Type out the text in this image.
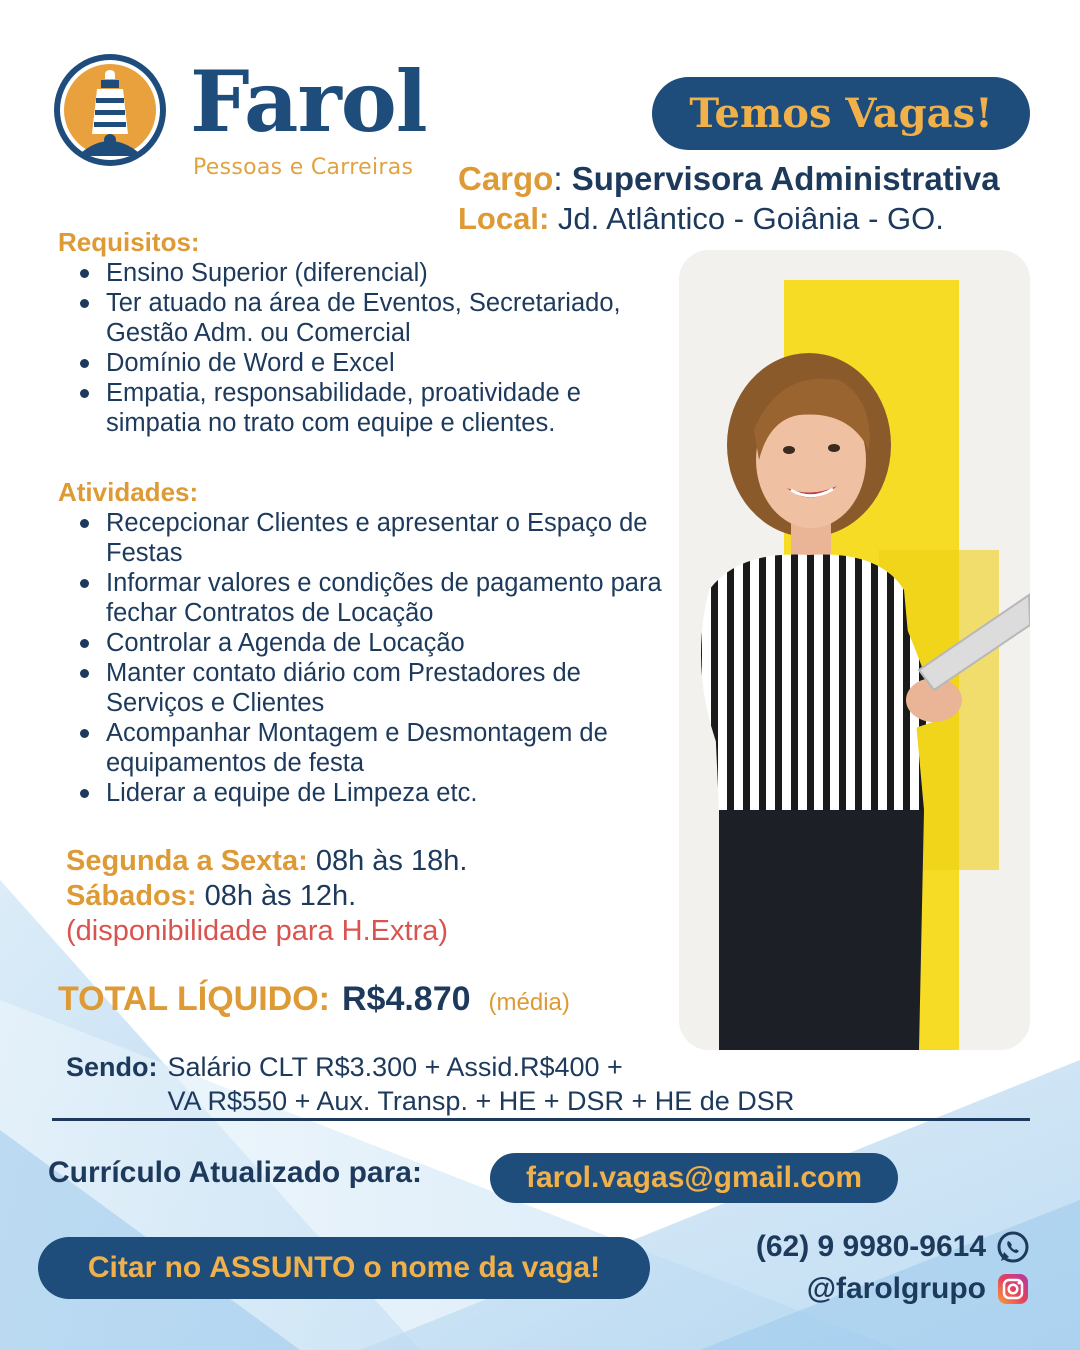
Farol
Pessoas e Carreiras
Temos Vagas!
Cargo: Supervisora Administrativa
Local: Jd. Atlântico - Goiânia - GO.
Requisitos:
Ensino Superior (diferencial)
Ter atuado na área de Eventos, Secretariado, Gestão Adm. ou Comercial
Domínio de Word e Excel
Empatia, responsabilidade, proatividade e simpatia no trato com equipe e clientes.
Atividades:
Recepcionar Clientes e apresentar o Espaço de Festas
Informar valores e condições de pagamento para fechar Contratos de Locação
Controlar a Agenda de Locação
Manter contato diário com Prestadores de Serviços e Clientes
Acompanhar Montagem e Desmontagem de equipamentos de festa
Liderar a equipe de Limpeza etc.
Segunda a Sexta: 08h às 18h.
Sábados: 08h às 12h.
(disponibilidade para H.Extra)
TOTAL LÍQUIDO: R$4.870 (média)
Sendo: Salário CLT R$3.300 + Assid.R$400 +
VA R$550 + Aux. Transp. + HE + DSR + HE de DSR
Currículo Atualizado para:	farol.vagas@gmail.com
Citar no ASSUNTO o nome da vaga!
(62) 9 9980-9614
@farolgrupo
